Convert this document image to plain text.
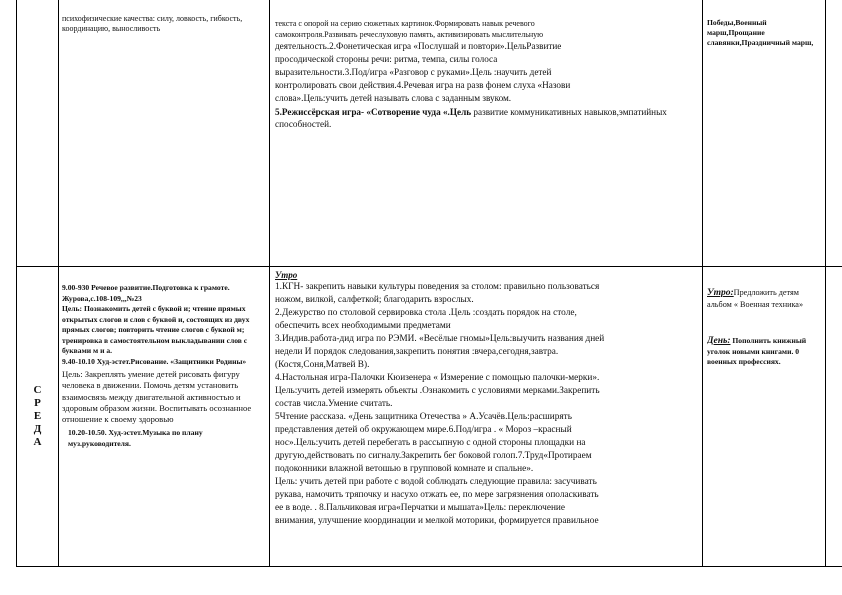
психофизические качества: силу, ловкость, гибкость, координацию, выносливость

текста с опорой на серию сюжетных картинок.Формировать навык речевого

самоконтроля.Развивать речеслуховую память, активизировать мыслительную

деятельность.2.Фонетическая игра «Послушай и повтори».ЦельРазвитие

просодической стороны речи: ритма, темпа, силы голоса

выразительности.3.Под/игра «Разговор с руками».Цель :научить детей

контролировать свои действия.4.Речевая игра на разв фонем слуха «Назови

слова».Цель:учить детей называть слова с заданным звуком.

5.Режиссёрская игра- «Сотворение чуда «.Цель развитие коммуникативных навыков,эмпатийных способностей.

Победы,Военный марш,Прощание славянки,Праздничный марш,

С
Р
Е
Д
А

9.00-930 Речевое развитие.Подготовка к грамоте.

Журова,с.108-109,,,№23

Цель: Познакомить детей с буквой и; чтение прямых открытых слогов и слов с буквой и, состоящих из двух прямых слогов; повторить чтение слогов с буквой м; тренировка в самостоятельном выкладывании слов с буквами м и а.

9.40-10.10 Худ-эстет.Рисование. «Защитники Родины»

Цель: Закреплять умение детей рисовать фигуру человека в движении. Помочь детям установить взаимосвязь между двигательной активностью и здоровым образом жизни. Воспитывать осознанное отношение к своему здоровью

10.20-10.50. Худ-эстет.Музыка по плану муз.руководителя.

Утро

1.КГН- закрепить навыки культуры поведения за столом: правильно пользоваться

ножом, вилкой, салфеткой; благодарить взрослых.

2.Дежурство по столовой сервировка стола .Цель :создать порядок на столе,

обеспечить всех необходимыми предметами

3.Индив.работа-дид игра по РЭМИ. «Весёлые гномы»Цель:выучить названия дней

недели И порядок следования,закрепить понятия :вчера,сегодня,завтра.

(Костя,Соня,Матвей В).

4.Настольная игра-Палочки Кюизенера « Измерение с помощью палочки-мерки».

Цель:учить детей измерять объекты .Ознакомить с условиями мерками.Закрепить

состав числа.Умение считать.

5Чтение рассказа. «День защитника Отечества » А.Усачёв.Цель:расширять

представления детей об окружающем мире.6.Под/игра . « Мороз –красный

нос».Цель:учить детей перебегать в рассыпную с одной стороны площадки на

другую,действовать по сигналу.Закрепить бег боковой голоп.7.Труд«Протираем

подоконники влажной ветошью в групповой комнате и спальне».

Цель: учить детей при работе с водой соблюдать следующие правила: засучивать

рукава, намочить тряпочку и насухо отжать ее, по мере загрязнения ополаскивать

ее в воде. . 8.Пальчиковая игра«Перчатки и мышата»Цель: переключение

внимания, улучшение координации и мелкой моторики, формируется правильное

Утро:Предложить детям альбом « Военная техника»

День: Пополнить книжный уголок новыми книгами. 0 военных профессиях.
